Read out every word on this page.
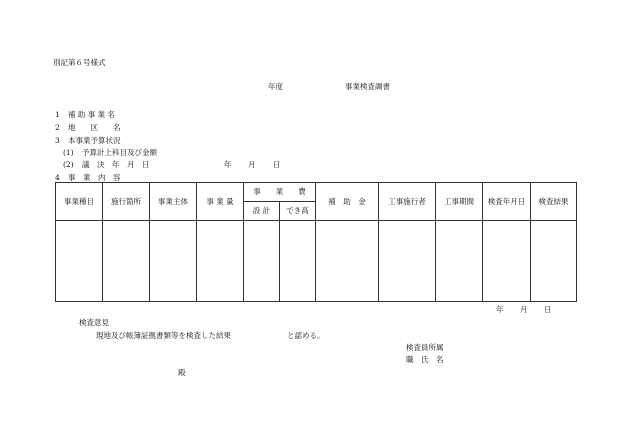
別記第６号様式
年度	事業検査調書
1 補 助 事 業 名
2 地　　区　　名
3 本事業予算状況
(1) 予算計上科目及び金額
(2) 議　決　年　月　日	年 月 日
4 事　業　内　容
事業種目	施行箇所	事業主体	事 業 量	事　　業　　費		補　助　金	工事施行者	工事期間	検査年月日	検査結果
				設 計	でき高					

年 月 日
検査意見
現地及び帳簿証拠書類等を検査した結果	と認める。
検査員所属
職　氏　名
殿
